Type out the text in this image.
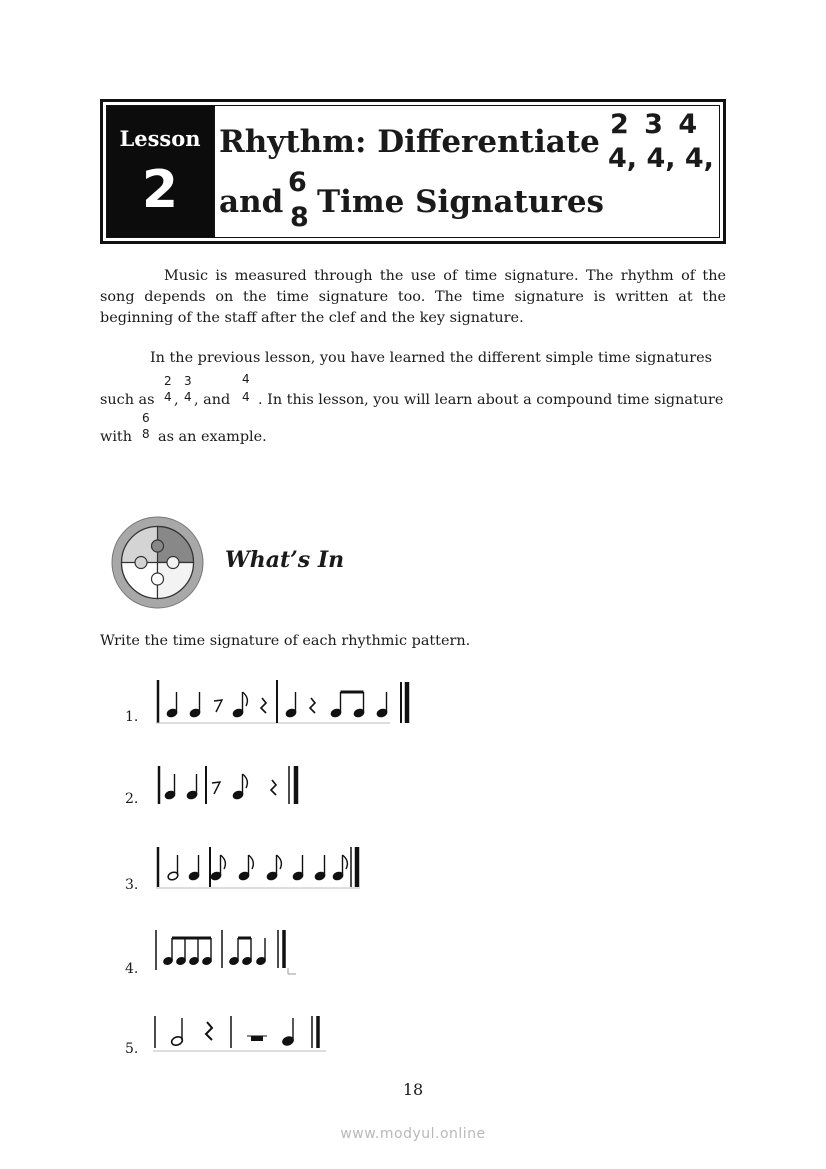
Lesson
2
Rhythm: Differentiate 2 3 4
4, 4, 4,
and
6
8 Time Signatures
Music is measured through the use of time signature. The rhythm of the song depends on the time signature too. The time signature is written at the beginning of the staff after the clef and the key signature.
In the previous lesson, you have learned the different simple time signatures
such as
2
4 ,
3
4 , and
4
4 . In this lesson, you will learn about a compound time signature
with
6
8 as an example.
What’s In
Write the time signature of each rhythmic pattern.
1.
2.
3.
4.
5.
18
www.modyul.online
